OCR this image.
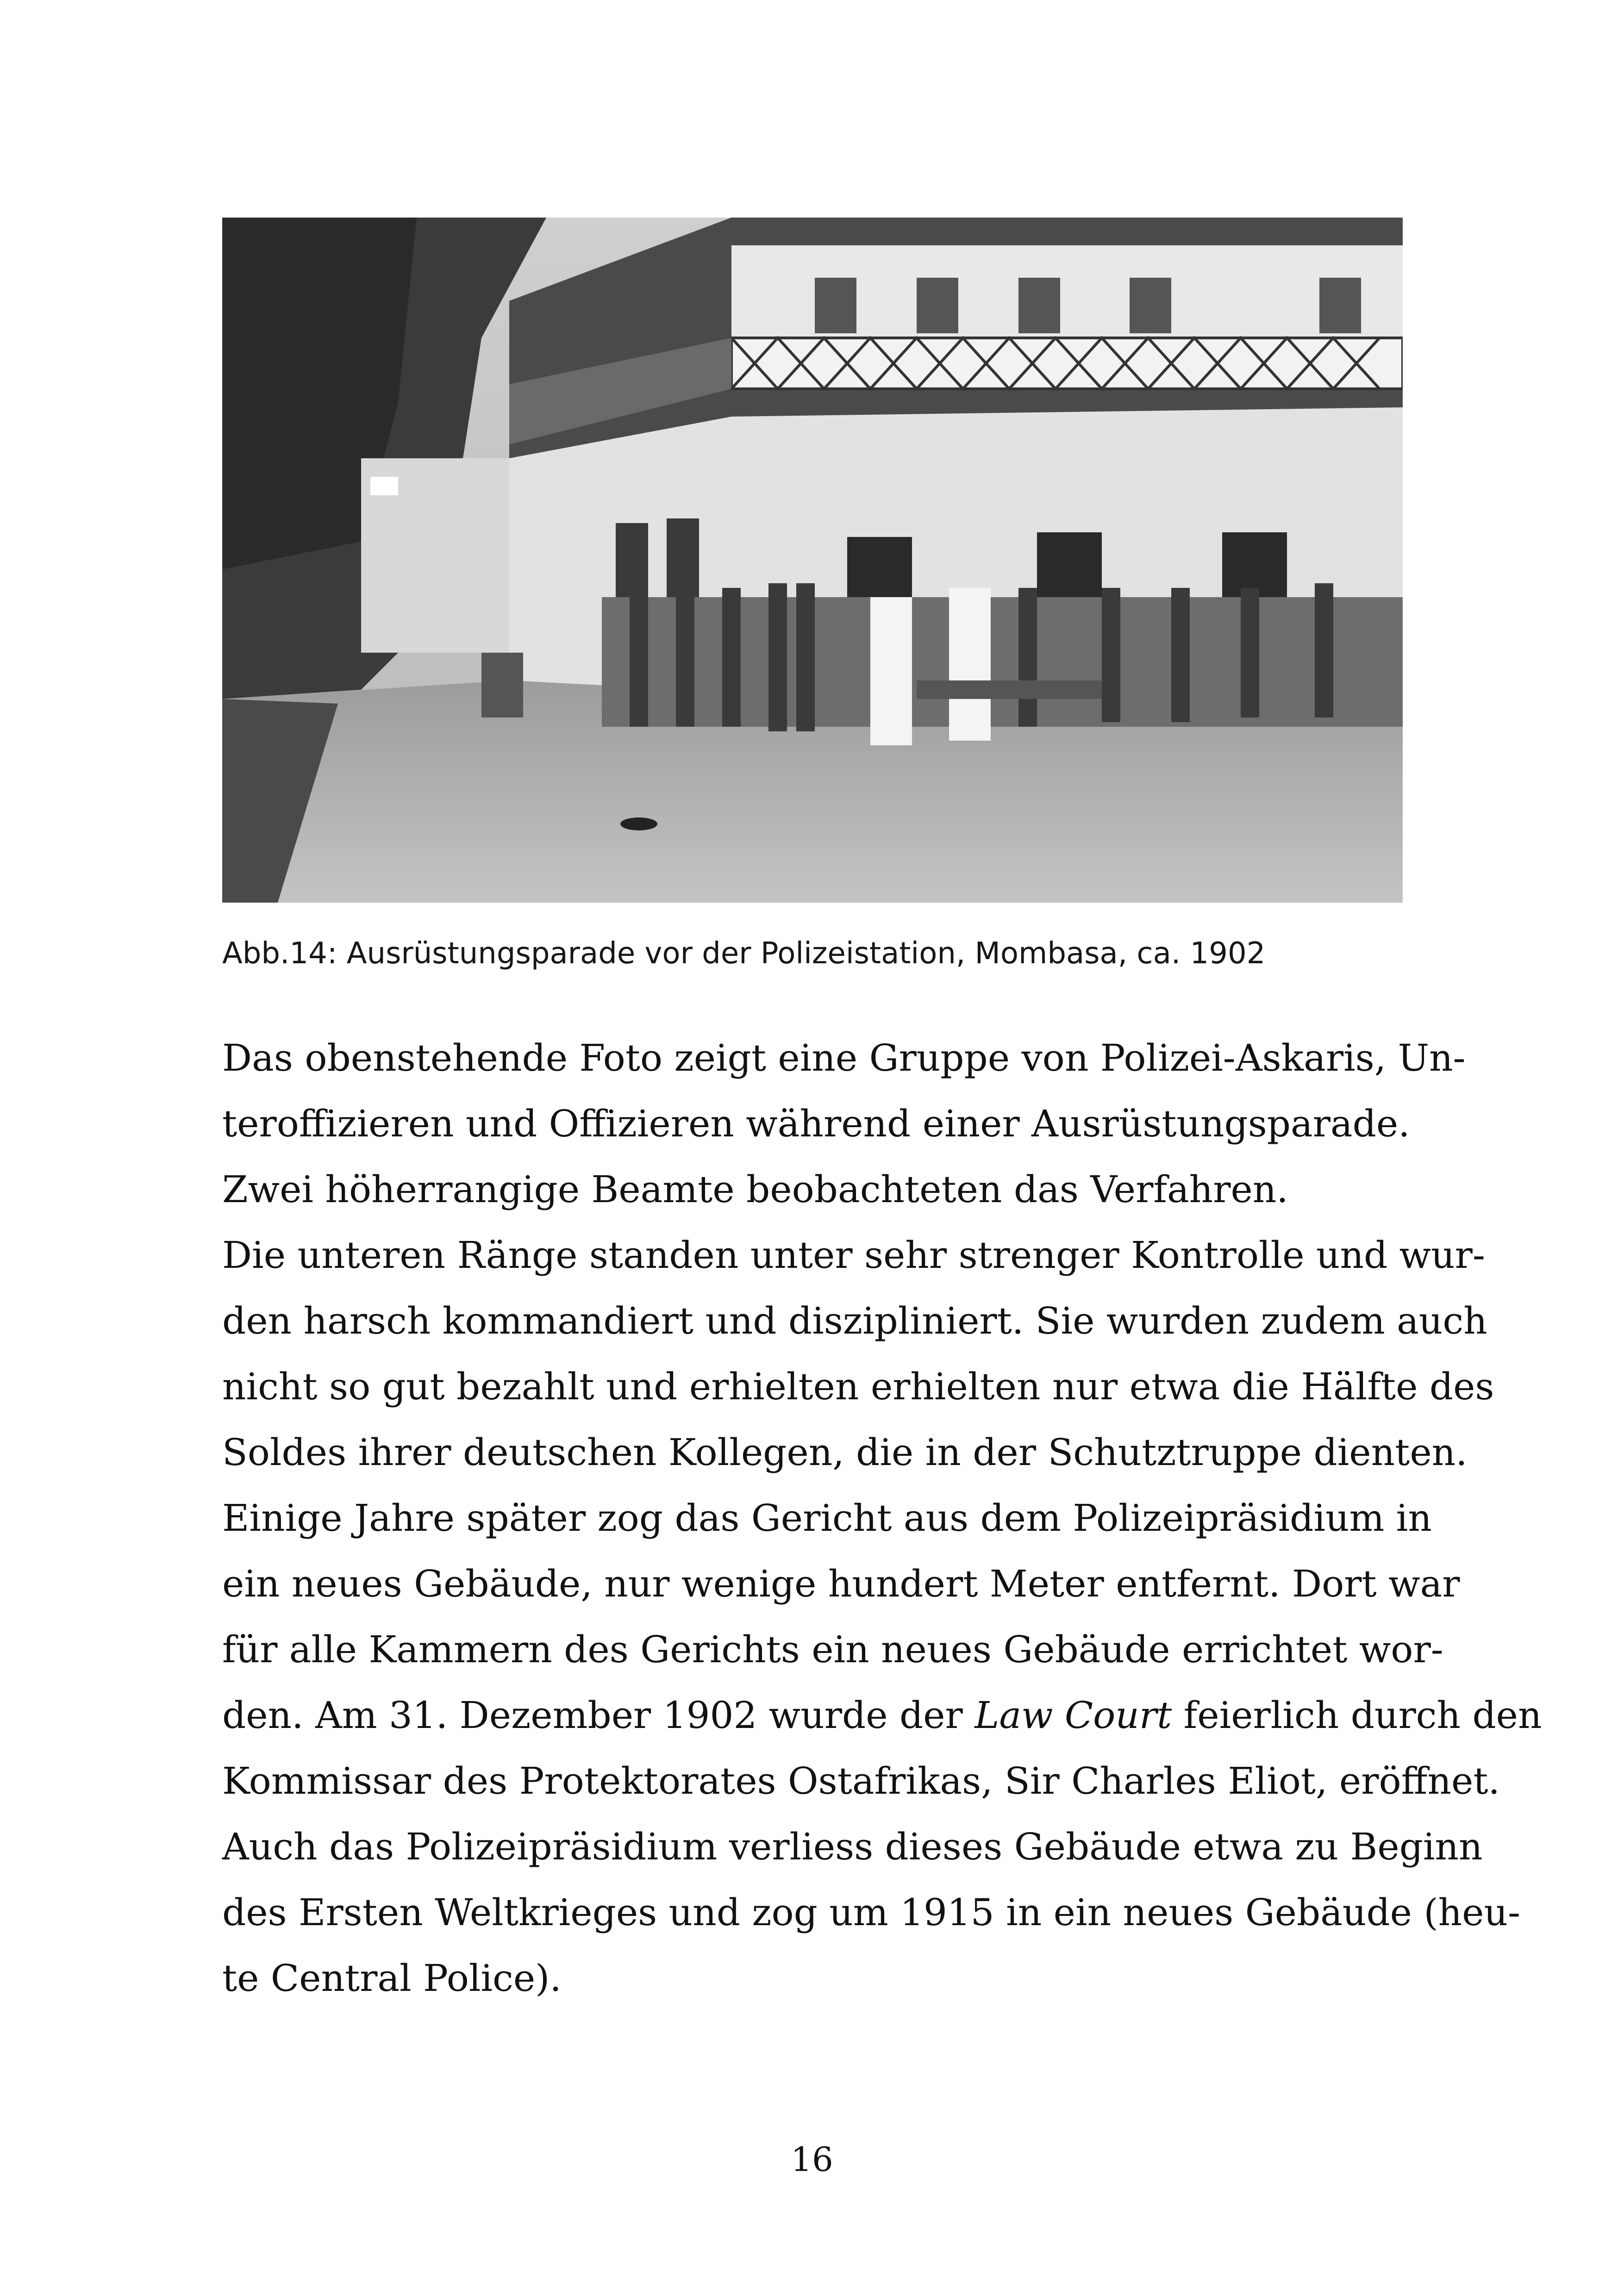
Abb.14: Ausrüstungsparade vor der Polizeistation, Mombasa, ca. 1902
Das obenstehende Foto zeigt eine Gruppe von Polizei-Askaris, Un-
teroffizieren und Offizieren während einer Ausrüstungsparade.
Zwei höherrangige Beamte beobachteten das Verfahren.
Die unteren Ränge standen unter sehr strenger Kontrolle und wur-
den harsch kommandiert und diszipliniert. Sie wurden zudem auch
nicht so gut bezahlt und erhielten erhielten nur etwa die Hälfte des
Soldes ihrer deutschen Kollegen, die in der Schutztruppe dienten.
Einige Jahre später zog das Gericht aus dem Polizeipräsidium in
ein neues Gebäude, nur wenige hundert Meter entfernt. Dort war
für alle Kammern des Gerichts ein neues Gebäude errichtet wor-
den. Am 31. Dezember 1902 wurde der Law Court feierlich durch den
Kommissar des Protektorates Ostafrikas, Sir Charles Eliot, eröffnet.
Auch das Polizeipräsidium verliess dieses Gebäude etwa zu Beginn
des Ersten Weltkrieges und zog um 1915 in ein neues Gebäude (heu-
te Central Police).
16
